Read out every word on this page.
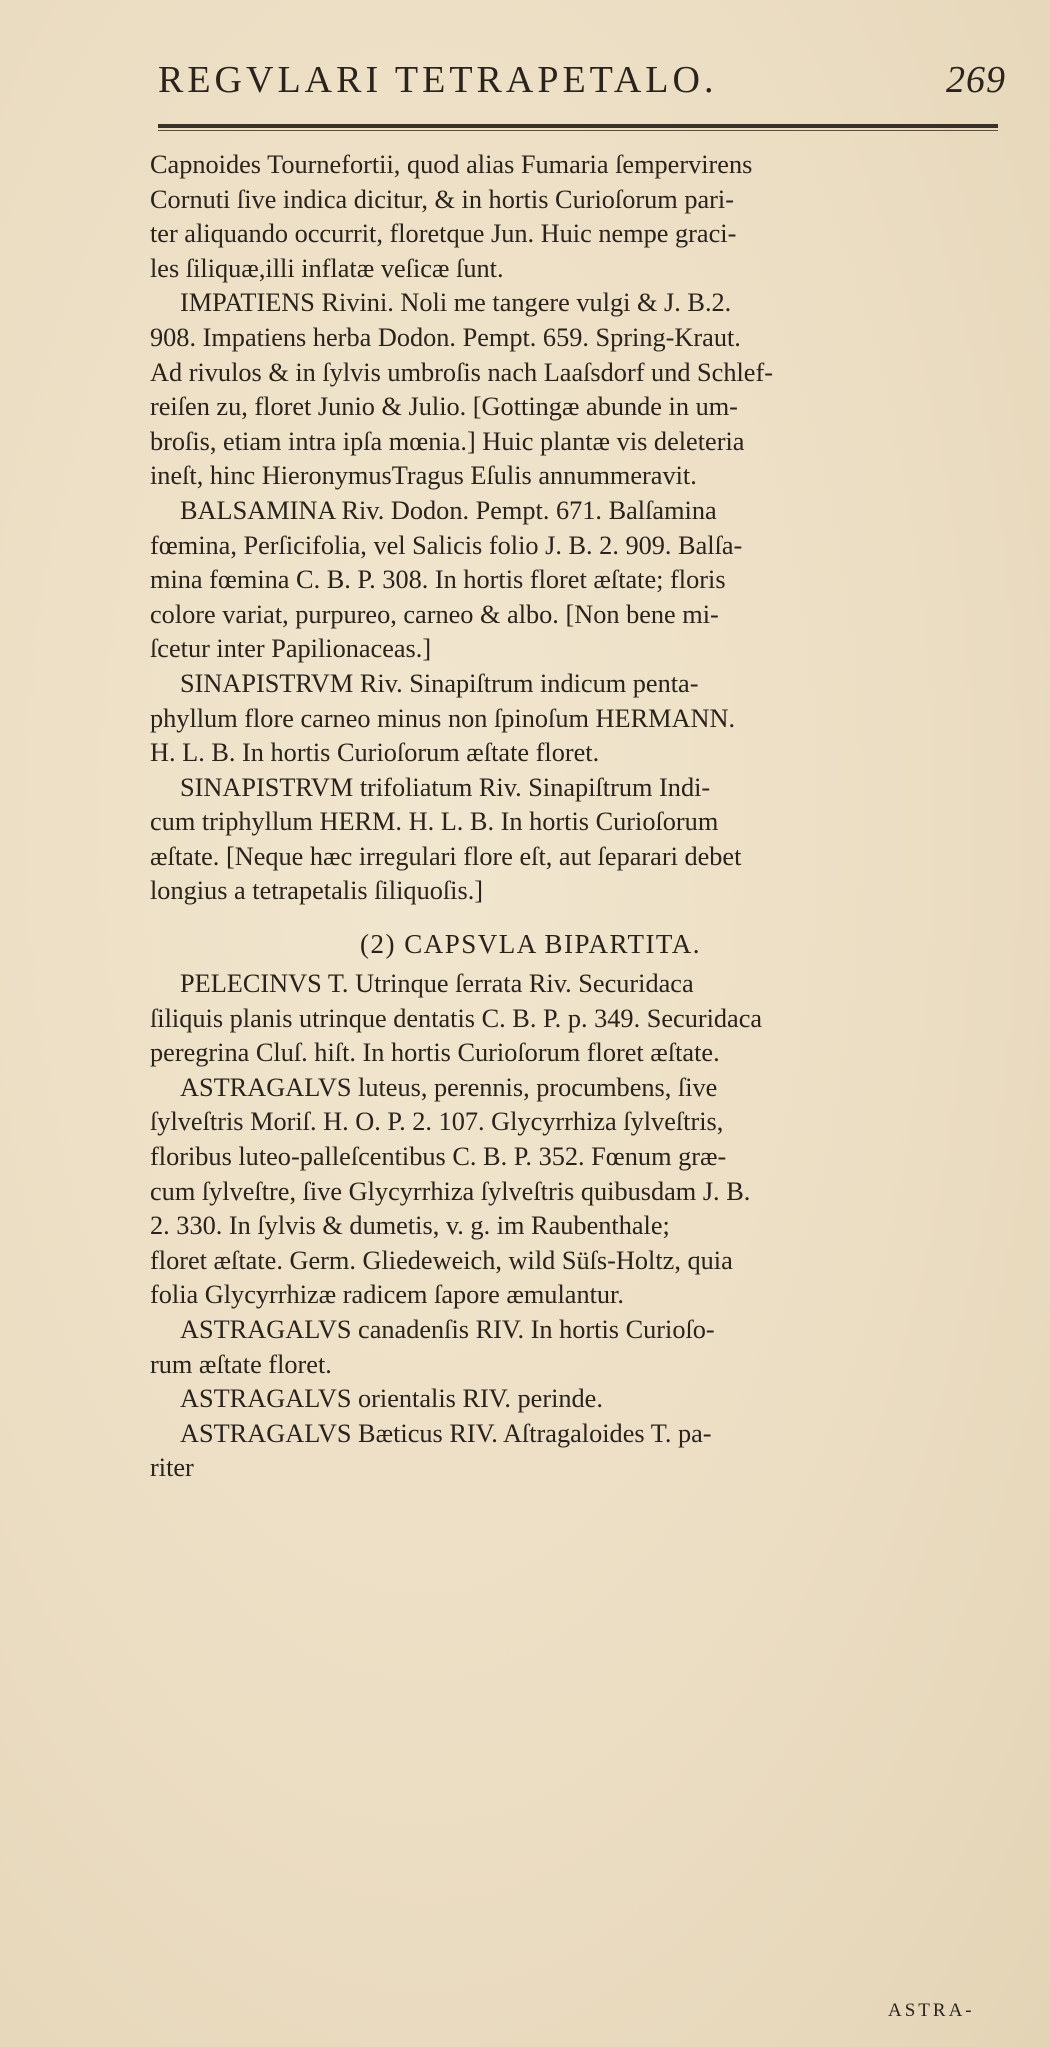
REGVLARI TETRAPETALO.	269
Capnoides Tournefortii, quod alias Fumaria ſempervirens
Cornuti ſive indica dicitur, & in hortis Curioſorum pari-
ter aliquando occurrit, floretque Jun. Huic nempe graci-
les ſiliquæ,illi inflatæ veſicæ ſunt.
IMPATIENS Rivini. Noli me tangere vulgi & J. B.2.
908. Impatiens herba Dodon. Pempt. 659. Spring-Kraut.
Ad rivulos & in ſylvis umbroſis nach Laaſsdorf und Schlef-
reiſen zu, floret Junio & Julio. [Gottingæ abunde in um-
broſis, etiam intra ipſa mœnia.] Huic plantæ vis deleteria
ineſt, hinc HieronymusTragus Eſulis annummeravit.
BALSAMINA Riv. Dodon. Pempt. 671. Balſamina
fœmina, Perſicifolia, vel Salicis folio J. B. 2. 909. Balſa-
mina fœmina C. B. P. 308. In hortis floret æſtate; floris
colore variat, purpureo, carneo & albo. [Non bene mi-
ſcetur inter Papilionaceas.]
SINAPISTRVM Riv. Sinapiſtrum indicum penta-
phyllum flore carneo minus non ſpinoſum HERMANN.
H. L. B. In hortis Curioſorum æſtate floret.
SINAPISTRVM trifoliatum Riv. Sinapiſtrum Indi-
cum triphyllum HERM. H. L. B. In hortis Curioſorum
æſtate. [Neque hæc irregulari flore eſt, aut ſeparari debet
longius a tetrapetalis ſiliquoſis.]
(2) CAPSVLA BIPARTITA.
PELECINVS T. Utrinque ſerrata Riv. Securidaca
ſiliquis planis utrinque dentatis C. B. P. p. 349. Securidaca
peregrina Cluſ. hiſt. In hortis Curioſorum floret æſtate.
ASTRAGALVS luteus, perennis, procumbens, ſive
ſylveſtris Moriſ. H. O. P. 2. 107. Glycyrrhiza ſylveſtris,
floribus luteo-palleſcentibus C. B. P. 352. Fœnum græ-
cum ſylveſtre, ſive Glycyrrhiza ſylveſtris quibusdam J. B.
2. 330. In ſylvis & dumetis, v. g. im Raubenthale;
floret æſtate. Germ. Gliedeweich, wild Süſs-Holtz, quia
folia Glycyrrhizæ radicem ſapore æmulantur.
ASTRAGALVS canadenſis RIV. In hortis Curioſo-
rum æſtate floret.
ASTRAGALVS orientalis RIV. perinde.
ASTRAGALVS Bæticus RIV. Aſtragaloides T. pa-
riter
ASTRA-
